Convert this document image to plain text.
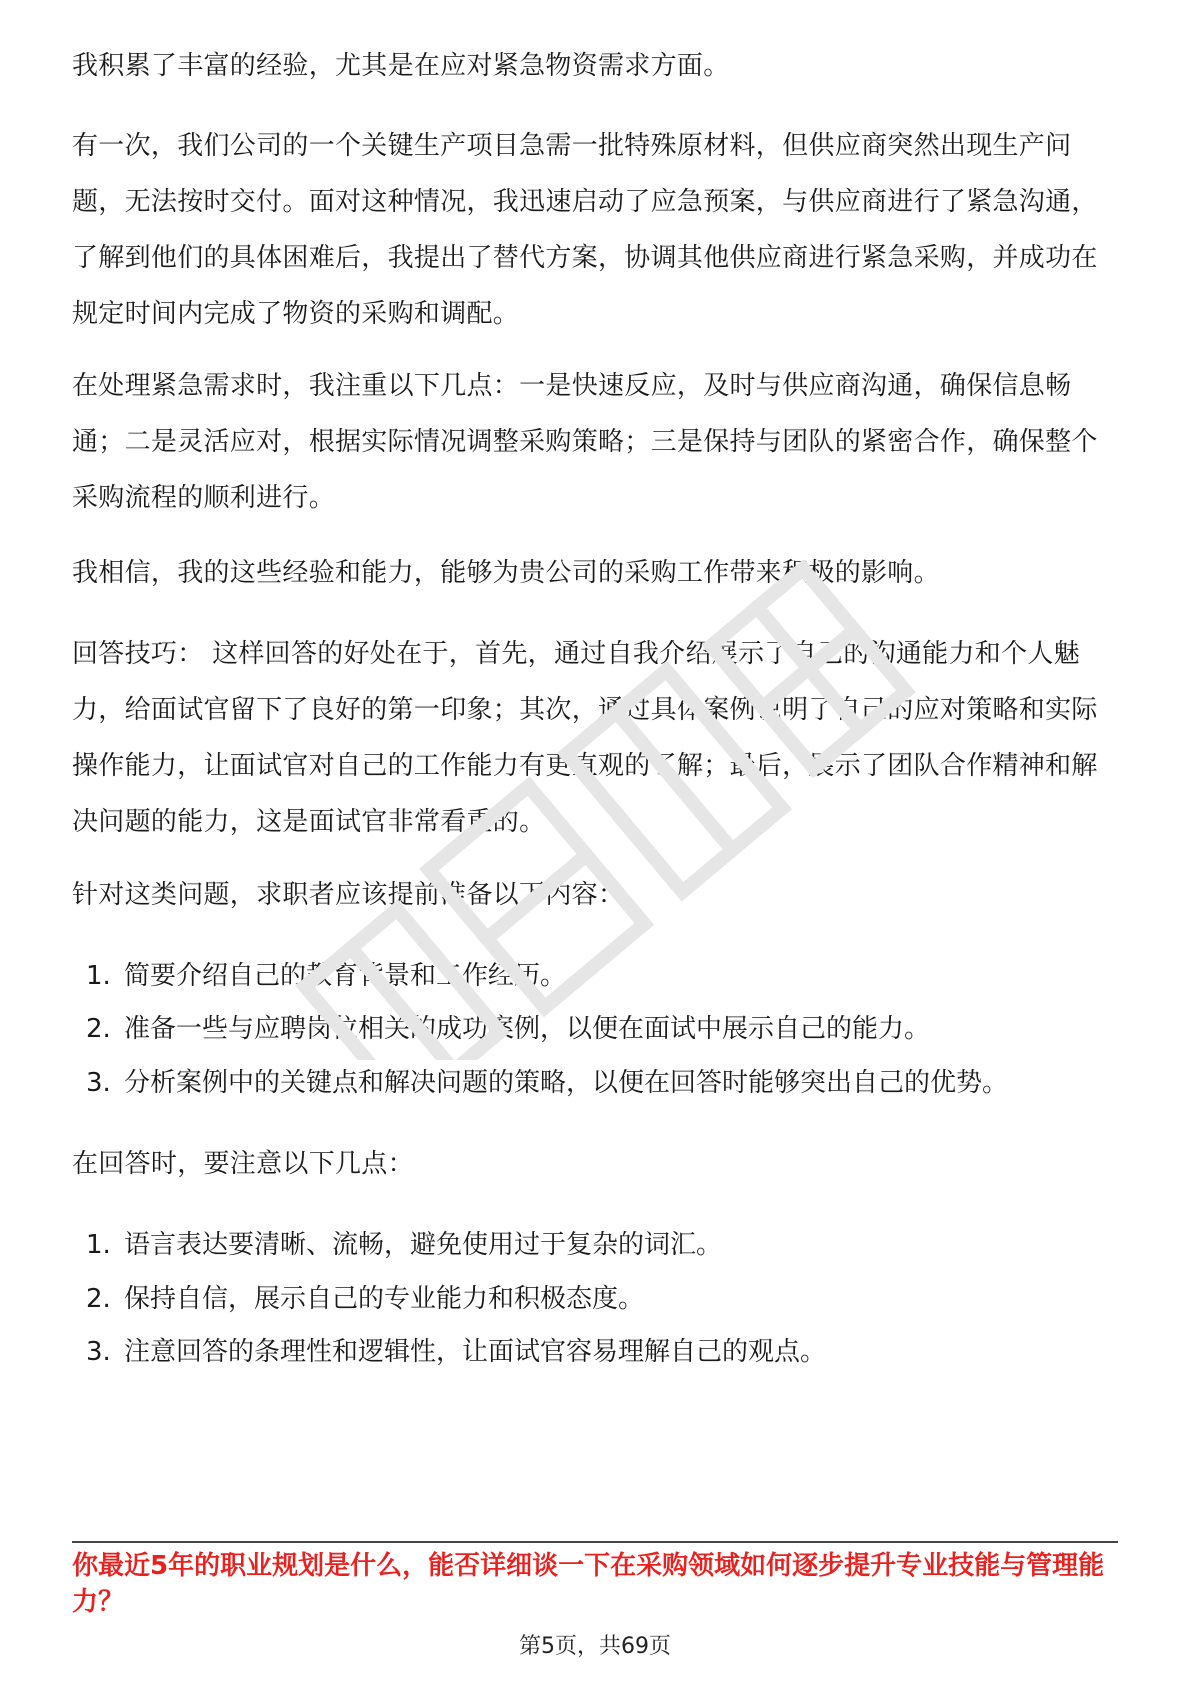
我积累了丰富的经验，尤其是在应对紧急物资需求方面。

有一次，我们公司的一个关键生产项目急需一批特殊原材料，但供应商突然出现生产问题，无法按时交付。面对这种情况，我迅速启动了应急预案，与供应商进行了紧急沟通，了解到他们的具体困难后，我提出了替代方案，协调其他供应商进行紧急采购，并成功在规定时间内完成了物资的采购和调配。

在处理紧急需求时，我注重以下几点：一是快速反应，及时与供应商沟通，确保信息畅通；二是灵活应对，根据实际情况调整采购策略；三是保持与团队的紧密合作，确保整个采购流程的顺利进行。

我相信，我的这些经验和能力，能够为贵公司的采购工作带来积极的影响。

回答技巧： 这样回答的好处在于，首先，通过自我介绍展示了自己的沟通能力和个人魅力，给面试官留下了良好的第一印象；其次，通过具体案例说明了自己的应对策略和实际操作能力，让面试官对自己的工作能力有更直观的了解；最后，展示了团队合作精神和解决问题的能力，这是面试官非常看重的。

针对这类问题，求职者应该提前准备以下内容：

1. 简要介绍自己的教育背景和工作经历。
2. 准备一些与应聘岗位相关的成功案例，以便在面试中展示自己的能力。
3. 分析案例中的关键点和解决问题的策略，以便在回答时能够突出自己的优势。

在回答时，要注意以下几点：

1. 语言表达要清晰、流畅，避免使用过于复杂的词汇。
2. 保持自信，展示自己的专业能力和积极态度。
3. 注意回答的条理性和逻辑性，让面试官容易理解自己的观点。

你最近5年的职业规划是什么，能否详细谈一下在采购领域如何逐步提升专业技能与管理能力？

第5页，共69页
